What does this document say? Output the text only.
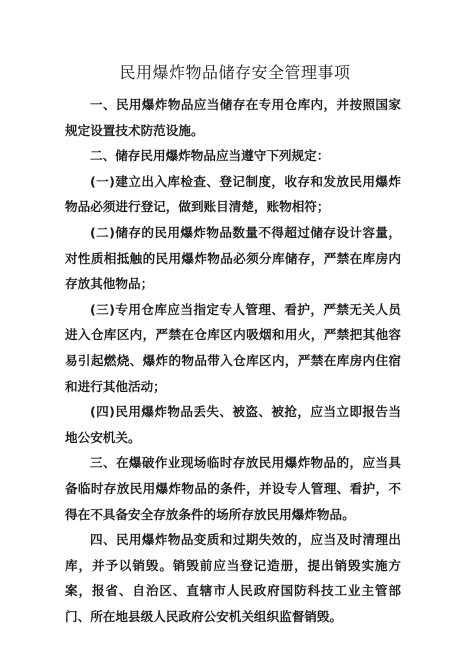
民用爆炸物品储存安全管理事项

一、民用爆炸物品应当储存在专用仓库内，并按照国家规定设置技术防范设施。

二、储存民用爆炸物品应当遵守下列规定：

(一)建立出入库检查、登记制度，收存和发放民用爆炸物品必须进行登记，做到账目清楚，账物相符；

(二)储存的民用爆炸物品数量不得超过储存设计容量，对性质相抵触的民用爆炸物品必须分库储存，严禁在库房内存放其他物品；

(三)专用仓库应当指定专人管理、看护，严禁无关人员进入仓库区内，严禁在仓库区内吸烟和用火，严禁把其他容易引起燃烧、爆炸的物品带入仓库区内，严禁在库房内住宿和进行其他活动；

(四)民用爆炸物品丢失、被盗、被抢，应当立即报告当地公安机关。

三、在爆破作业现场临时存放民用爆炸物品的，应当具备临时存放民用爆炸物品的条件，并设专人管理、看护，不得在不具备安全存放条件的场所存放民用爆炸物品。

四、民用爆炸物品变质和过期失效的，应当及时清理出库，并予以销毁。销毁前应当登记造册，提出销毁实施方案，报省、自治区、直辖市人民政府国防科技工业主管部门、所在地县级人民政府公安机关组织监督销毁。
